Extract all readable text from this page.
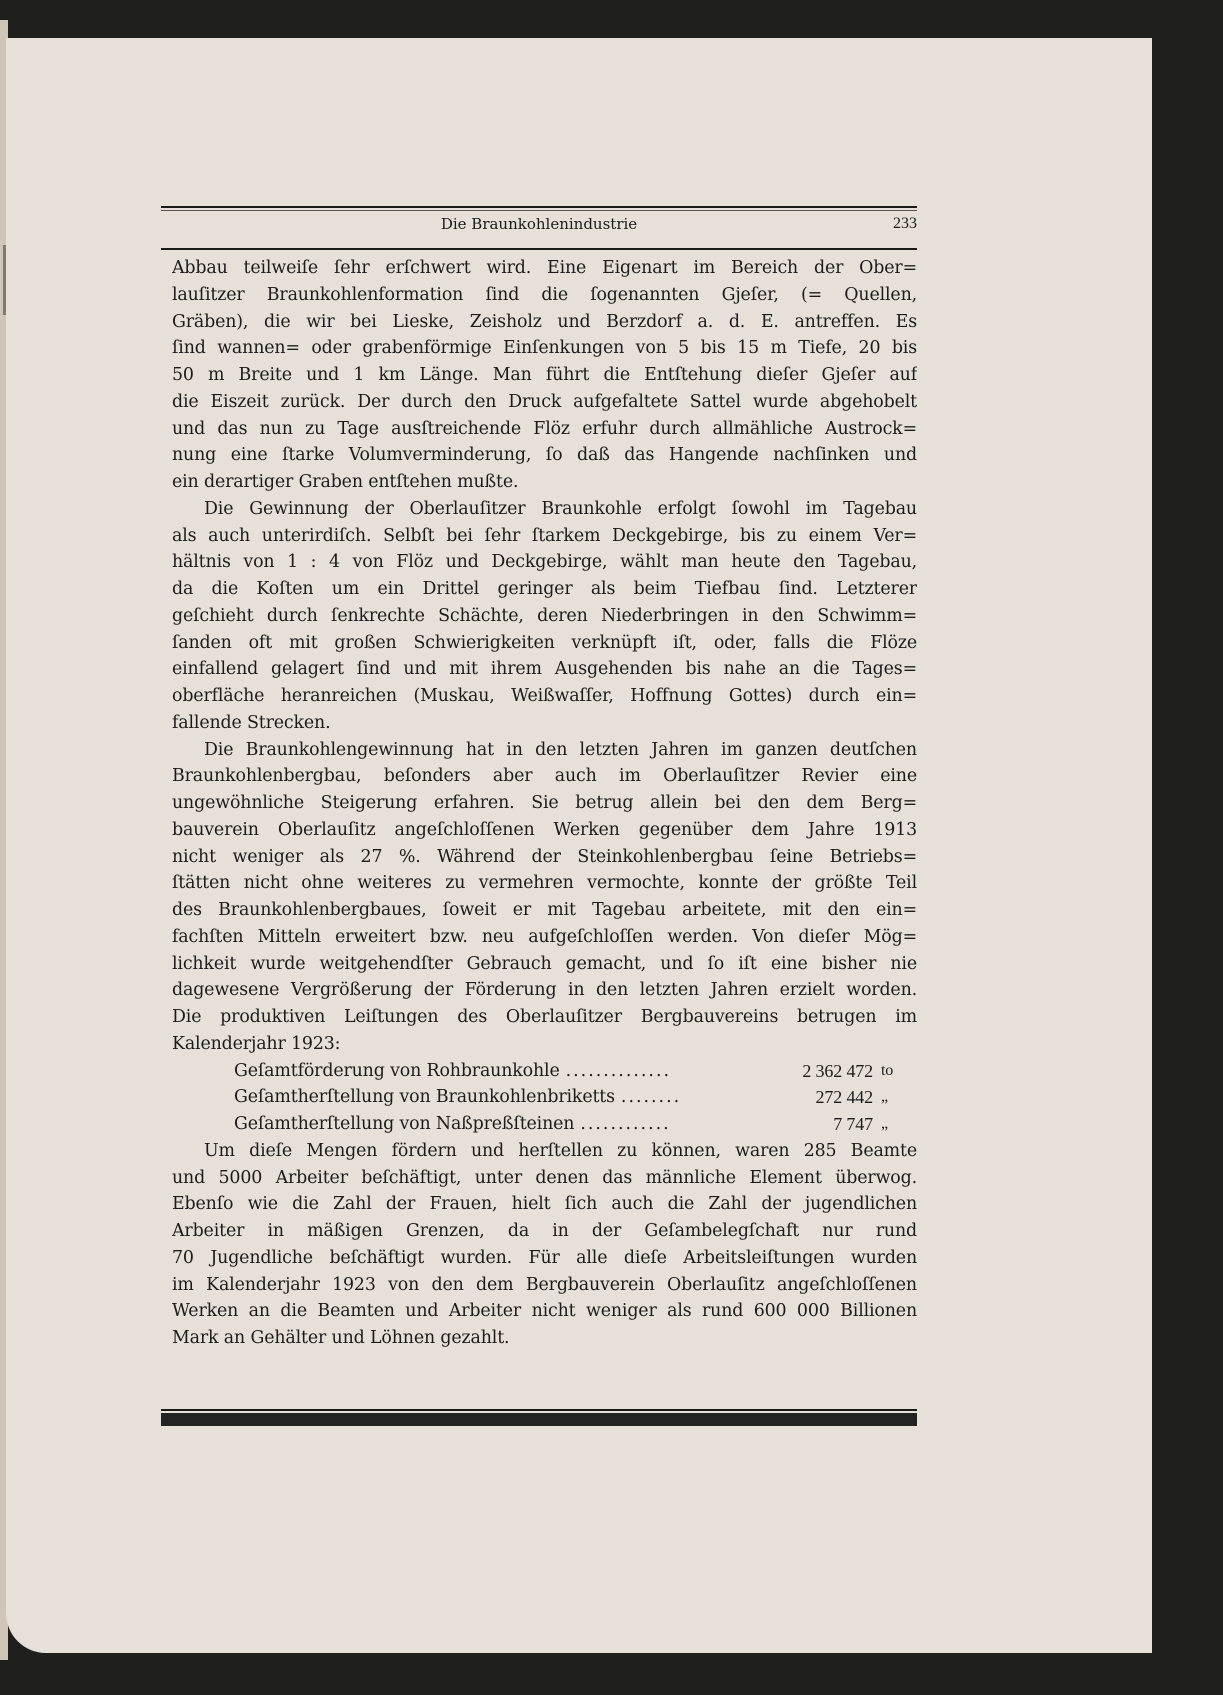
Die Braunkohlenindustrie	233
Abbau teilweiſe ſehr erſchwert wird. Eine Eigenart im Bereich der Ober=
lauſitzer Braunkohlenformation ſind die ſogenannten Gjeſer, (= Quellen,
Gräben), die wir bei Lieske, Zeisholz und Berzdorf a. d. E. antreffen. Es
ſind wannen= oder grabenförmige Einſenkungen von 5 bis 15 m Tiefe, 20 bis
50 m Breite und 1 km Länge. Man führt die Entſtehung dieſer Gjeſer auf
die Eiszeit zurück. Der durch den Druck aufgefaltete Sattel wurde abgehobelt
und das nun zu Tage ausſtreichende Flöz erfuhr durch allmähliche Austrock=
nung eine ſtarke Volumverminderung, ſo daß das Hangende nachſinken und
ein derartiger Graben entſtehen mußte.
Die Gewinnung der Oberlauſitzer Braunkohle erfolgt ſowohl im Tagebau
als auch unterirdiſch. Selbſt bei ſehr ſtarkem Deckgebirge, bis zu einem Ver=
hältnis von 1 : 4 von Flöz und Deckgebirge, wählt man heute den Tagebau,
da die Koſten um ein Drittel geringer als beim Tiefbau ſind. Letzterer
geſchieht durch ſenkrechte Schächte, deren Niederbringen in den Schwimm=
ſanden oft mit großen Schwierigkeiten verknüpft iſt, oder, falls die Flöze
einfallend gelagert ſind und mit ihrem Ausgehenden bis nahe an die Tages=
oberfläche heranreichen (Muskau, Weißwaſſer, Hoffnung Gottes) durch ein=
fallende Strecken.
Die Braunkohlengewinnung hat in den letzten Jahren im ganzen deutſchen
Braunkohlenbergbau, beſonders aber auch im Oberlauſitzer Revier eine
ungewöhnliche Steigerung erfahren. Sie betrug allein bei den dem Berg=
bauverein Oberlauſitz angeſchloſſenen Werken gegenüber dem Jahre 1913
nicht weniger als 27 %. Während der Steinkohlenbergbau ſeine Betriebs=
ſtätten nicht ohne weiteres zu vermehren vermochte, konnte der größte Teil
des Braunkohlenbergbaues, ſoweit er mit Tagebau arbeitete, mit den ein=
fachſten Mitteln erweitert bzw. neu aufgeſchloſſen werden. Von dieſer Mög=
lichkeit wurde weitgehendſter Gebrauch gemacht, und ſo iſt eine bisher nie
dagewesene Vergrößerung der Förderung in den letzten Jahren erzielt worden.
Die produktiven Leiſtungen des Oberlauſitzer Bergbauvereins betrugen im
Kalenderjahr 1923:
Geſamtförderung von Rohbraunkohle ..............	2 362 472 to
Geſamtherſtellung von Braunkohlenbriketts ........	272 442 „
Geſamtherſtellung von Naßpreßſteinen ............	7 747 „
Um dieſe Mengen fördern und herſtellen zu können, waren 285 Beamte
und 5000 Arbeiter beſchäftigt, unter denen das männliche Element überwog.
Ebenſo wie die Zahl der Frauen, hielt ſich auch die Zahl der jugendlichen
Arbeiter in mäßigen Grenzen, da in der Geſambelegſchaft nur rund
70 Jugendliche beſchäftigt wurden. Für alle dieſe Arbeitsleiſtungen wurden
im Kalenderjahr 1923 von den dem Bergbauverein Oberlauſitz angeſchloſſenen
Werken an die Beamten und Arbeiter nicht weniger als rund 600 000 Billionen
Mark an Gehälter und Löhnen gezahlt.
